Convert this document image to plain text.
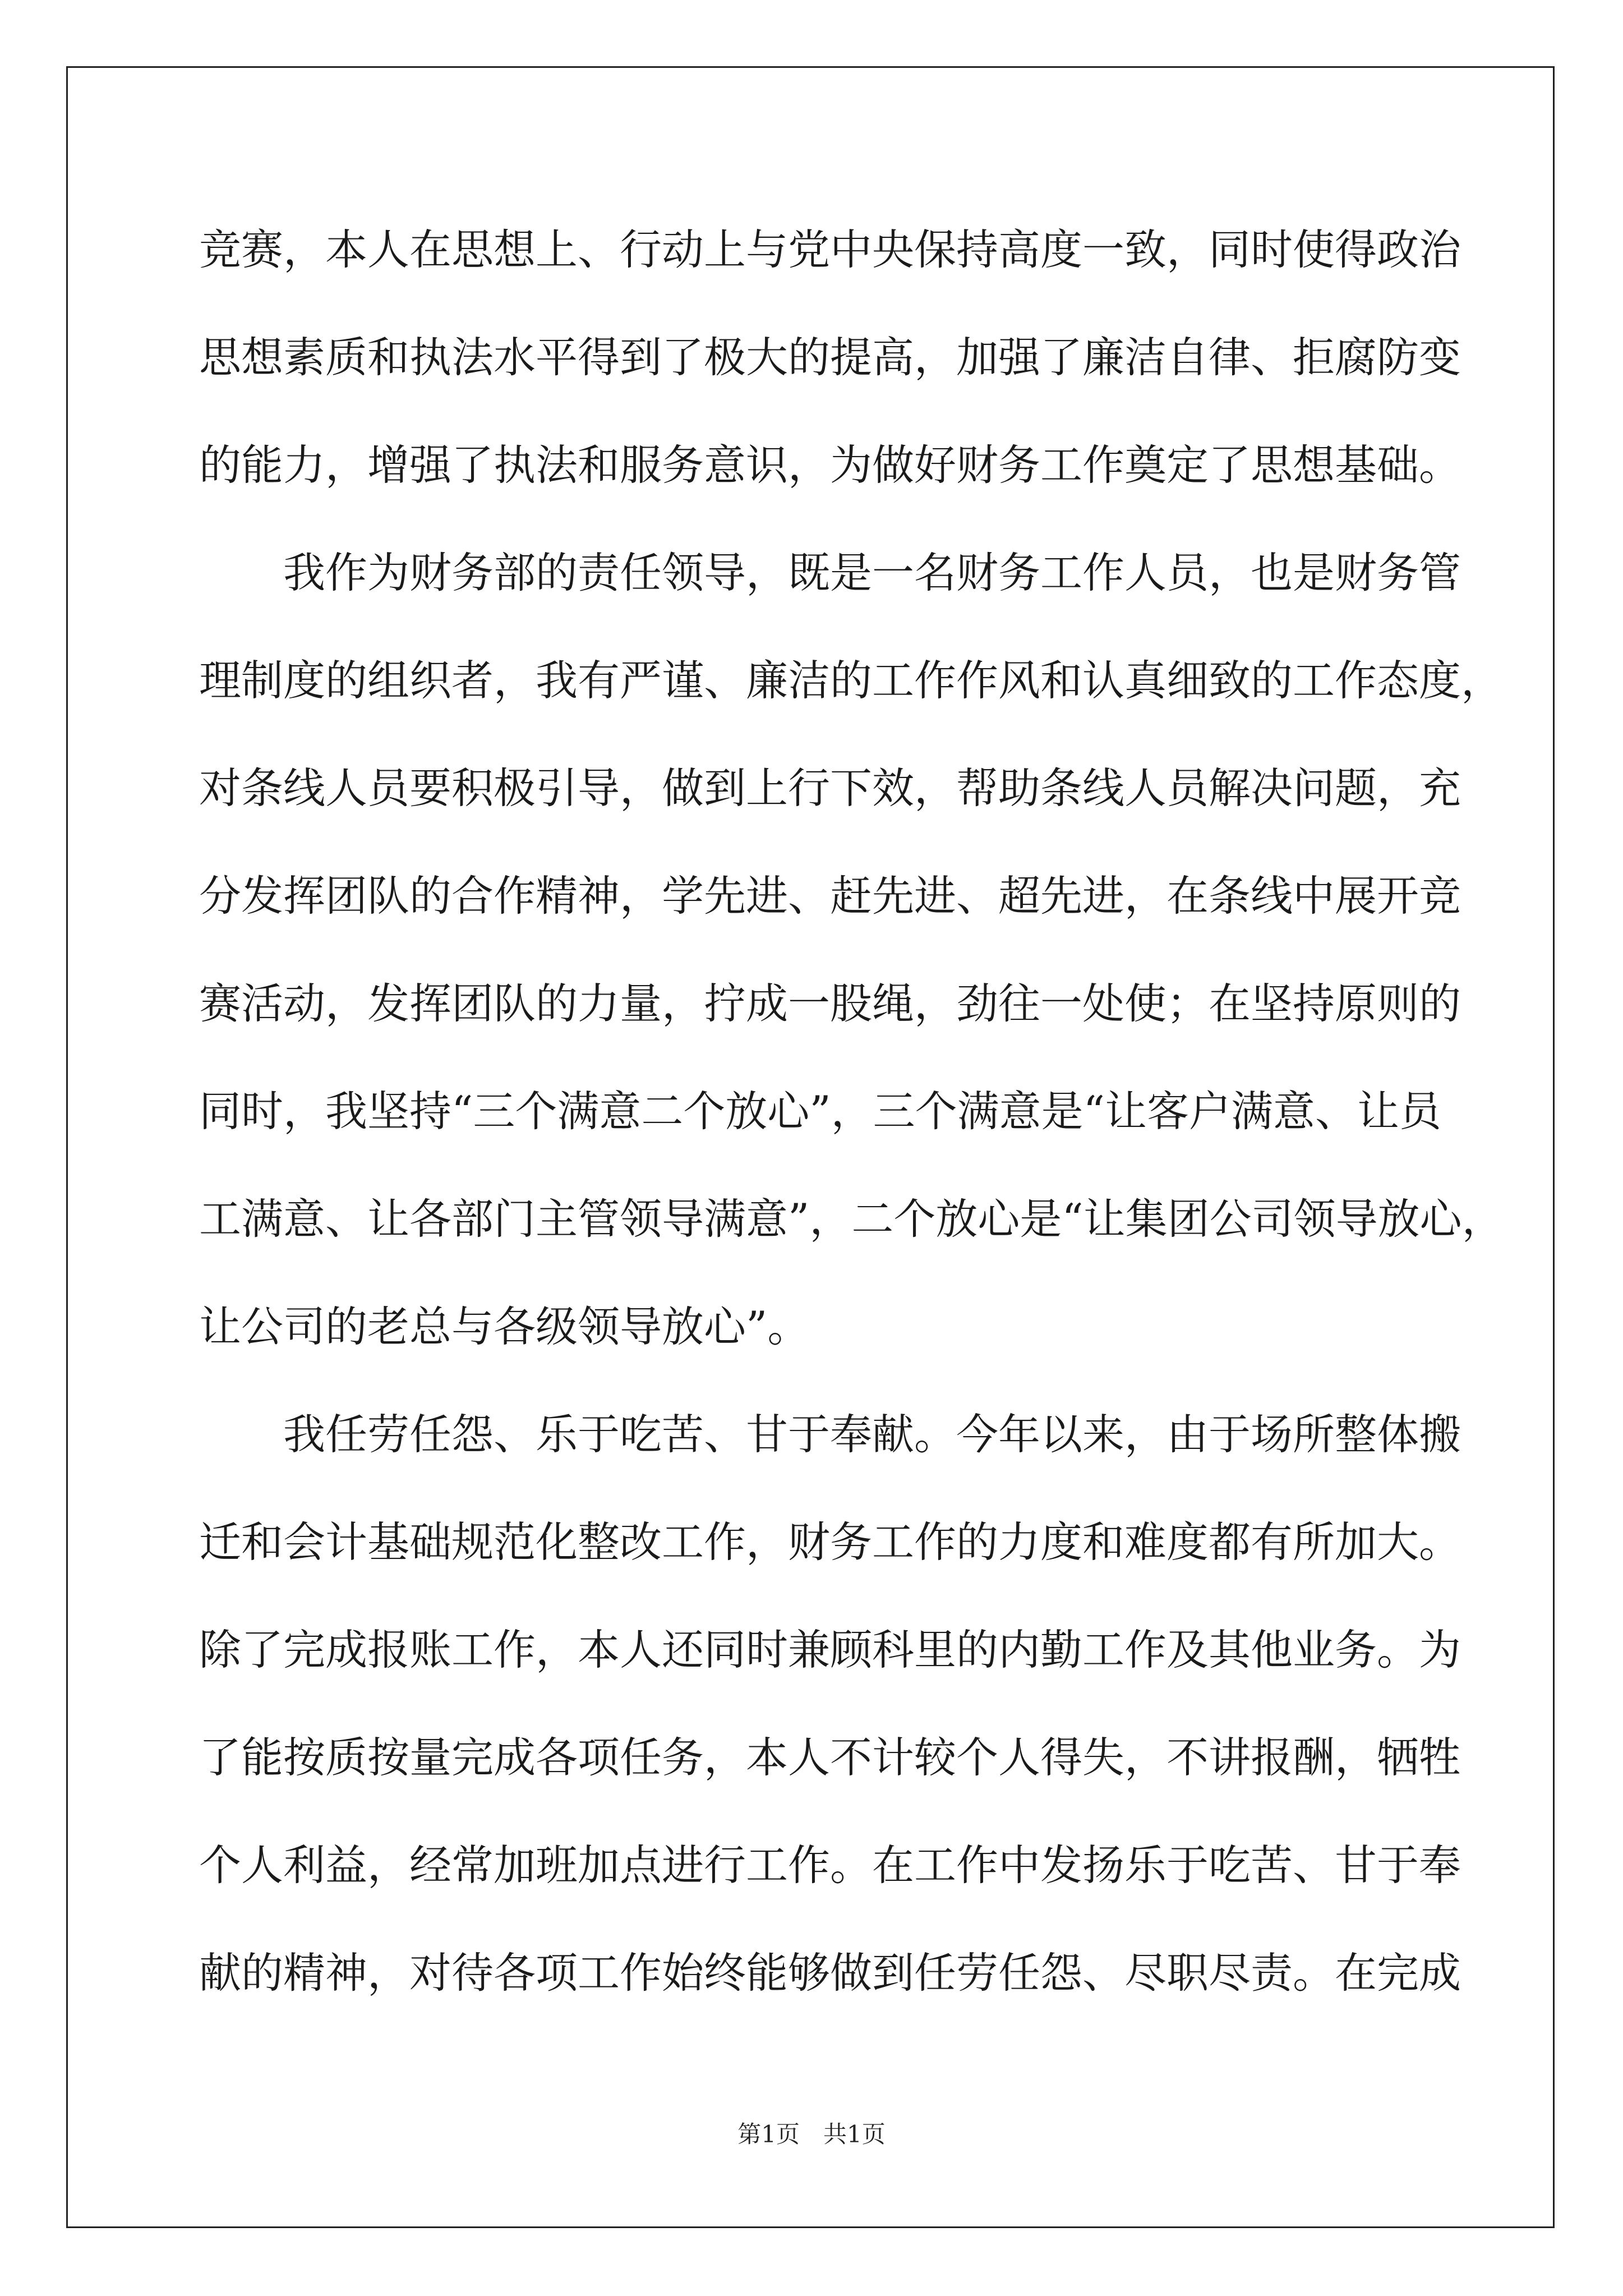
竞赛，本人在思想上、行动上与党中央保持高度一致，同时使得政治
思想素质和执法水平得到了极大的提高，加强了廉洁自律、拒腐防变
的能力，增强了执法和服务意识，为做好财务工作奠定了思想基础。
我作为财务部的责任领导，既是一名财务工作人员，也是财务管
理制度的组织者，我有严谨、廉洁的工作作风和认真细致的工作态度，
对条线人员要积极引导，做到上行下效，帮助条线人员解决问题，充
分发挥团队的合作精神，学先进、赶先进、超先进，在条线中展开竞
赛活动，发挥团队的力量，拧成一股绳，劲往一处使；在坚持原则的
同时，我坚持“三个满意二个放心”，三个满意是“让客户满意、让员
工满意、让各部门主管领导满意”，二个放心是“让集团公司领导放心，
让公司的老总与各级领导放心”。
我任劳任怨、乐于吃苦、甘于奉献。今年以来，由于场所整体搬
迁和会计基础规范化整改工作，财务工作的力度和难度都有所加大。
除了完成报账工作，本人还同时兼顾科里的内勤工作及其他业务。为
了能按质按量完成各项任务，本人不计较个人得失，不讲报酬，牺牲
个人利益，经常加班加点进行工作。在工作中发扬乐于吃苦、甘于奉
献的精神，对待各项工作始终能够做到任劳任怨、尽职尽责。在完成
第1页　共1页
